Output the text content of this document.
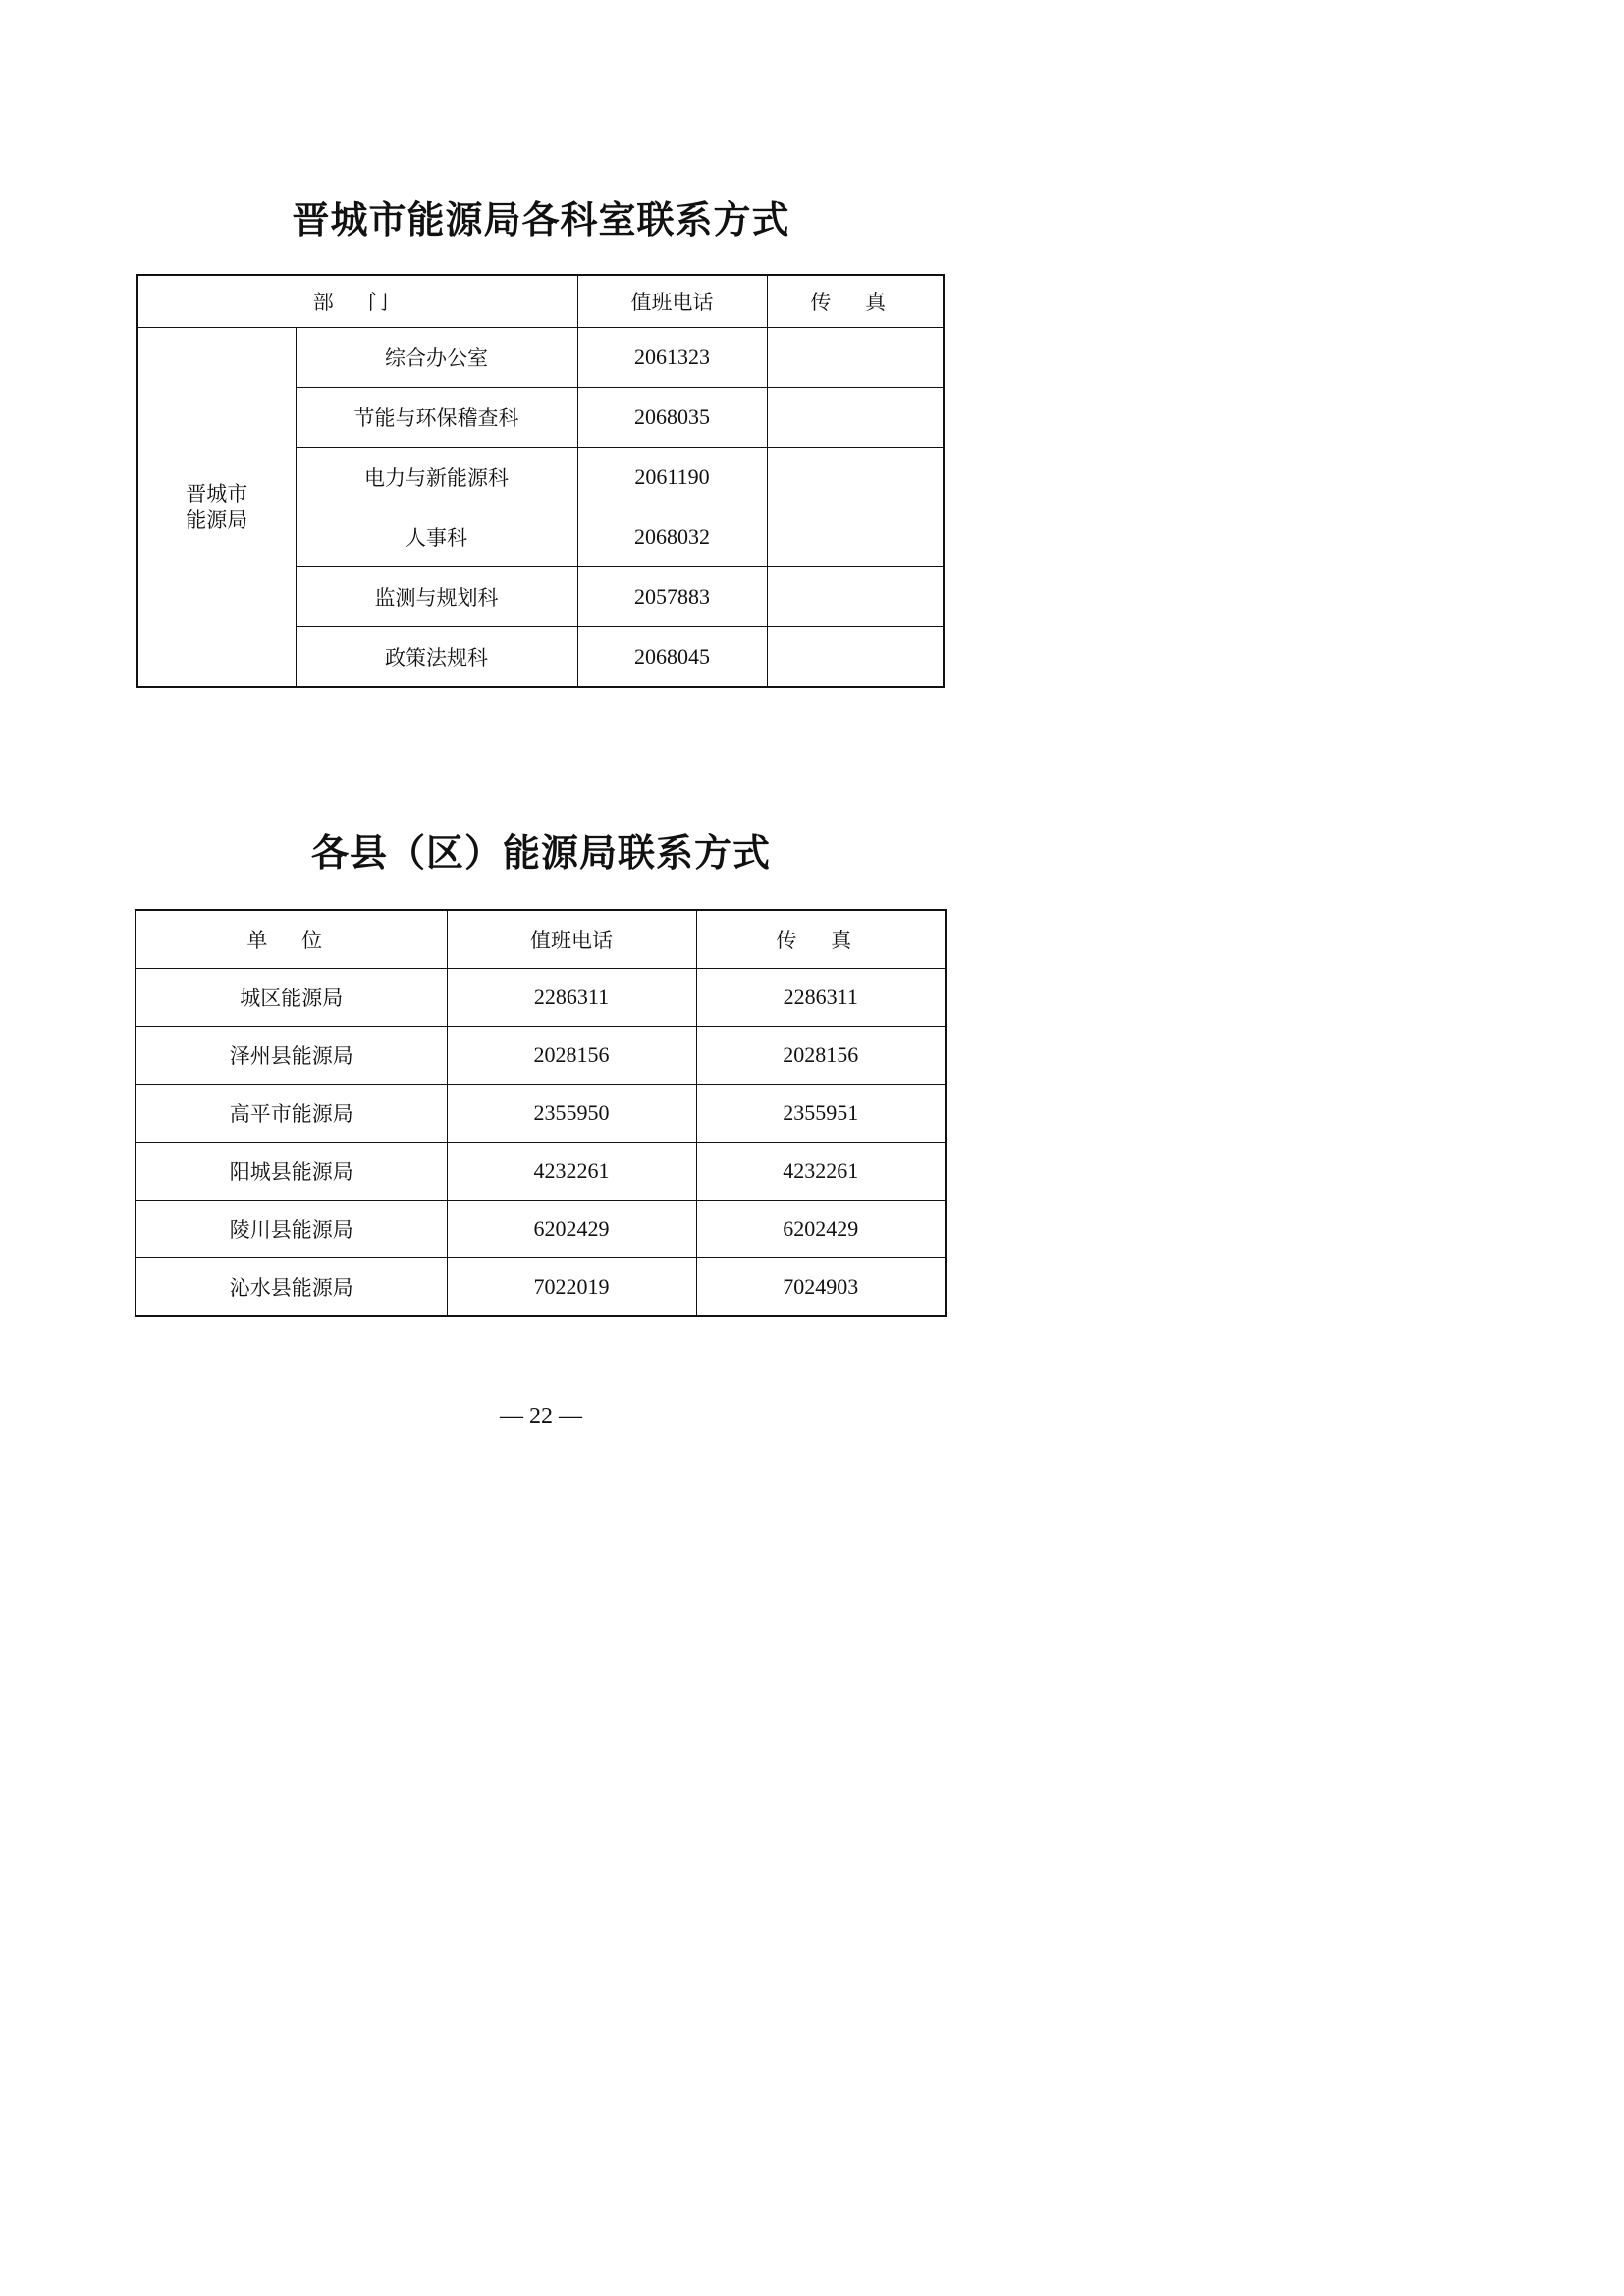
晋城市能源局各科室联系方式
部 门		值班电话	传 真

晋城市
能源局	综合办公室	2061323	
	节能与环保稽查科	2068035	
	电力与新能源科	2061190	
	人事科	2068032	
	监测与规划科	2057883	
	政策法规科	2068045	
各县（区）能源局联系方式
单 位	值班电话	传 真
城区能源局	2286311	2286311
泽州县能源局	2028156	2028156
高平市能源局	2355950	2355951
阳城县能源局	4232261	4232261
陵川县能源局	6202429	6202429
沁水县能源局	7022019	7024903
— 22 —
